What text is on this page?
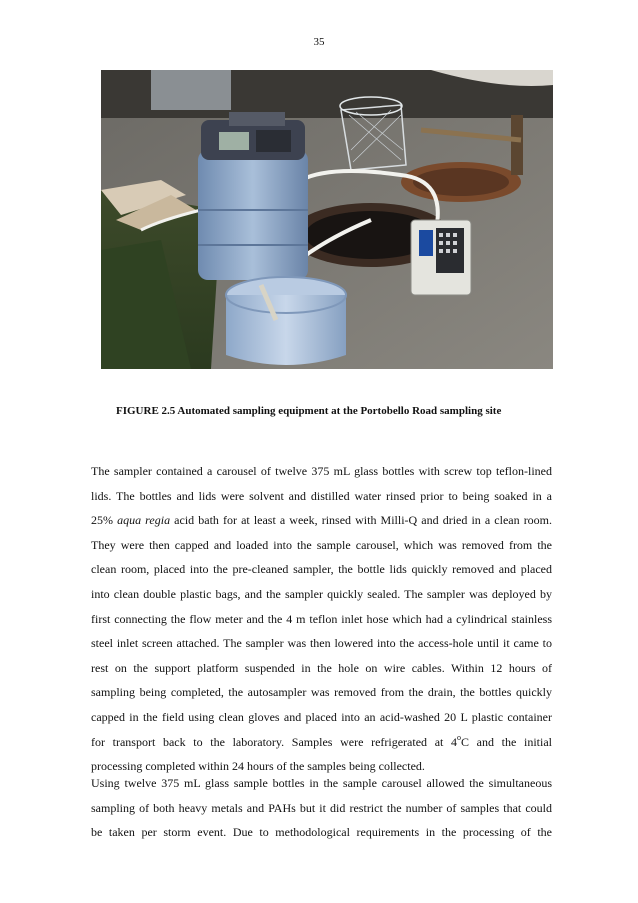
35
FIGURE 2.5 Automated sampling equipment at the Portobello Road sampling site
The sampler contained a carousel of twelve 375 mL glass bottles with screw top teflon-lined
lids. The bottles and lids were solvent and distilled water rinsed prior to being soaked in a
25% aqua regia acid bath for at least a week, rinsed with Milli-Q and dried in a clean room.
They were then capped and loaded into the sample carousel, which was removed from the
clean room, placed into the pre-cleaned sampler, the bottle lids quickly removed and placed
into clean double plastic bags, and the sampler quickly sealed. The sampler was deployed by
first connecting the flow meter and the 4 m teflon inlet hose which had a cylindrical stainless
steel inlet screen attached. The sampler was then lowered into the access-hole until it came to
rest on the support platform suspended in the hole on wire cables. Within 12 hours of
sampling being completed, the autosampler was removed from the drain, the bottles quickly
capped in the field using clean gloves and placed into an acid-washed 20 L plastic container
for transport back to the laboratory. Samples were refrigerated at 4$^o$C and the initial
processing completed within 24 hours of the samples being collected.
Using twelve 375 mL glass sample bottles in the sample carousel allowed the simultaneous
sampling of both heavy metals and PAHs but it did restrict the number of samples that could
be taken per storm event. Due to methodological requirements in the processing of the
